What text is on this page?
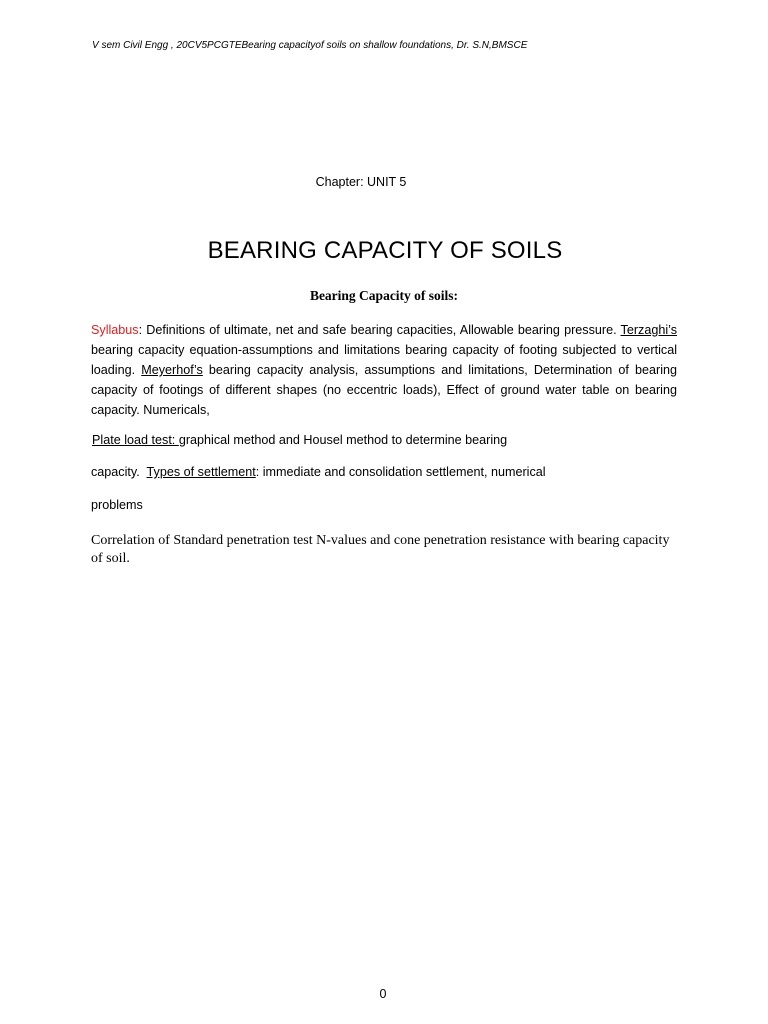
V sem Civil Engg , 20CV5PCGTEBearing capacityof soils on shallow foundations, Dr. S.N,BMSCE
Chapter: UNIT 5
BEARING CAPACITY OF SOILS
Bearing Capacity of soils:
Syllabus: Definitions of ultimate, net and safe bearing capacities, Allowable bearing pressure. Terzaghi’s bearing capacity equation-assumptions and limitations bearing capacity of footing subjected to vertical loading. Meyerhof’s bearing capacity analysis, assumptions and limitations, Determination of bearing capacity of footings of different shapes (no eccentric loads), Effect of ground water table on bearing capacity. Numericals,
Plate load test: graphical method and Housel method to determine bearing
capacity.  Types of settlement: immediate and consolidation settlement, numerical
problems
Correlation of Standard penetration test N-values and cone penetration resistance with bearing capacity of soil.
0
